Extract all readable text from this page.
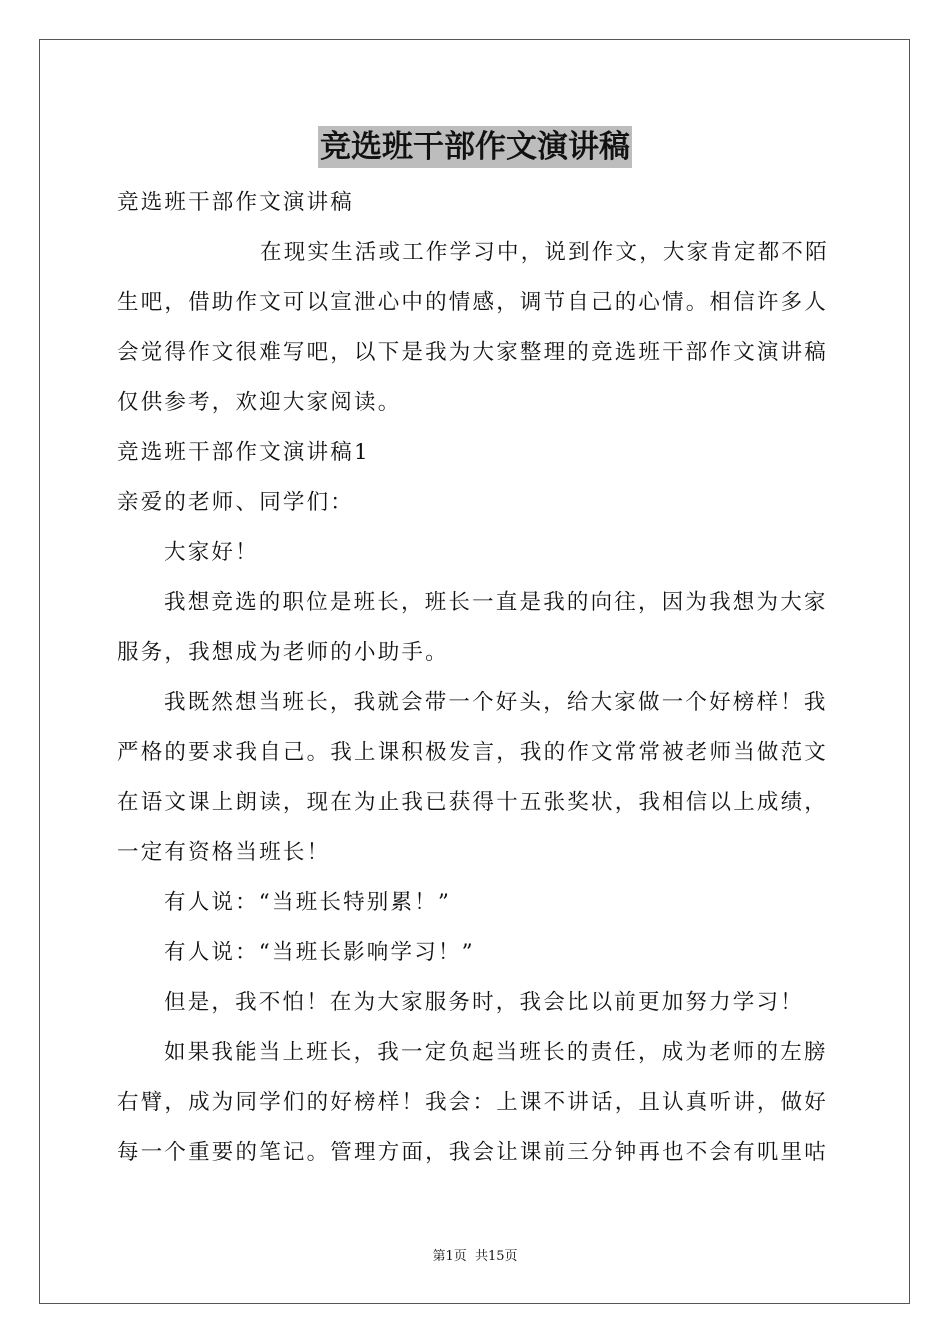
竞选班干部作文演讲稿
竞选班干部作文演讲稿
在现实生活或工作学习中，说到作文，大家肯定都不陌
生吧，借助作文可以宣泄心中的情感，调节自己的心情。相信许多人
会觉得作文很难写吧，以下是我为大家整理的竞选班干部作文演讲稿
仅供参考，欢迎大家阅读。
竞选班干部作文演讲稿1
亲爱的老师、同学们：
大家好！
我想竞选的职位是班长，班长一直是我的向往，因为我想为大家
服务，我想成为老师的小助手。
我既然想当班长，我就会带一个好头，给大家做一个好榜样！我
严格的要求我自己。我上课积极发言，我的作文常常被老师当做范文
在语文课上朗读，现在为止我已获得十五张奖状，我相信以上成绩，
一定有资格当班长！
有人说：“当班长特别累！”
有人说：“当班长影响学习！”
但是，我不怕！在为大家服务时，我会比以前更加努力学习！
如果我能当上班长，我一定负起当班长的责任，成为老师的左膀
右臂，成为同学们的好榜样！我会：上课不讲话，且认真听讲，做好
每一个重要的笔记。管理方面，我会让课前三分钟再也不会有叽里咕
第1页 共15页
